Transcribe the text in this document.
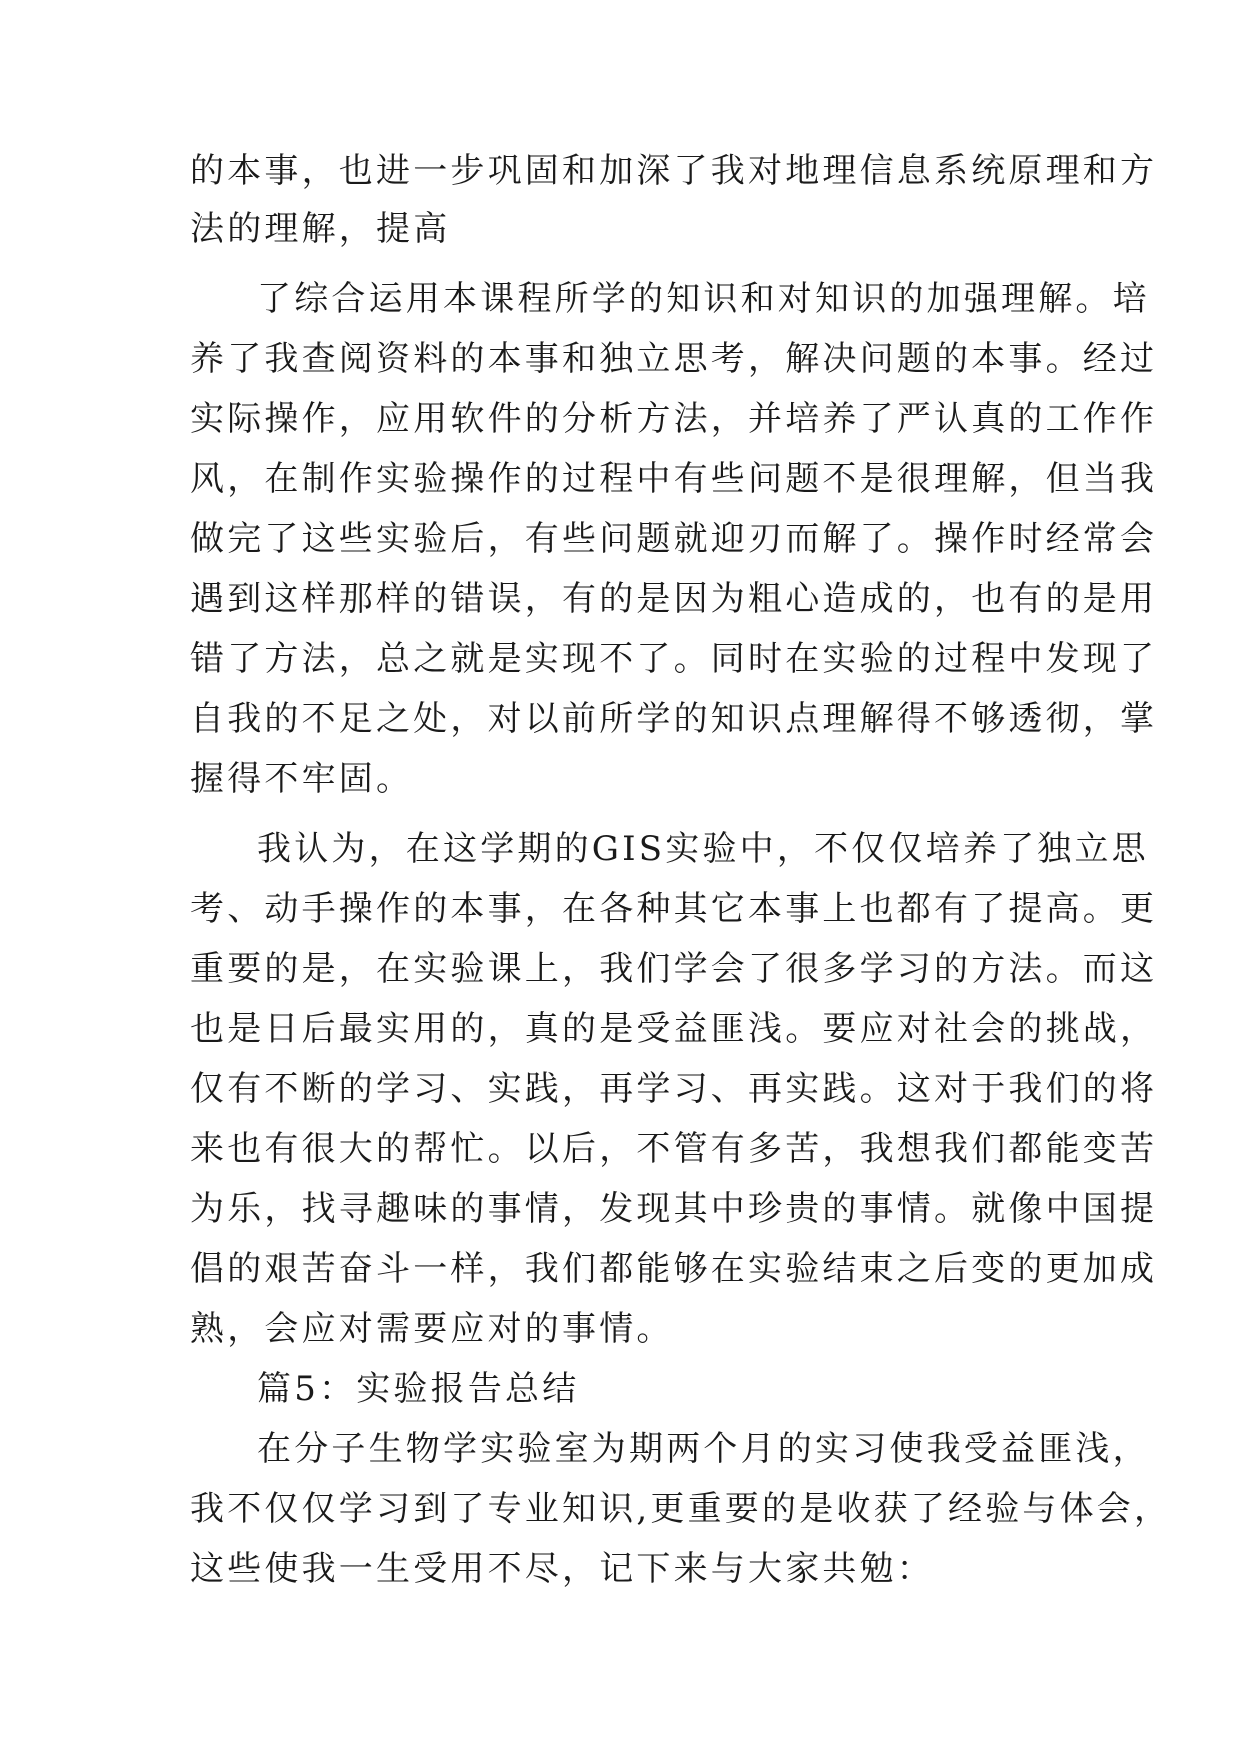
的本事，也进一步巩固和加深了我对地理信息系统原理和方
法的理解，提高
了综合运用本课程所学的知识和对知识的加强理解。培
养了我查阅资料的本事和独立思考，解决问题的本事。经过
实际操作，应用软件的分析方法，并培养了严认真的工作作
风，在制作实验操作的过程中有些问题不是很理解，但当我
做完了这些实验后，有些问题就迎刃而解了。操作时经常会
遇到这样那样的错误，有的是因为粗心造成的，也有的是用
错了方法，总之就是实现不了。同时在实验的过程中发现了
自我的不足之处，对以前所学的知识点理解得不够透彻，掌
握得不牢固。
我认为，在这学期的GIS实验中，不仅仅培养了独立思
考、动手操作的本事，在各种其它本事上也都有了提高。更
重要的是，在实验课上，我们学会了很多学习的方法。而这
也是日后最实用的，真的是受益匪浅。要应对社会的挑战，
仅有不断的学习、实践，再学习、再实践。这对于我们的将
来也有很大的帮忙。以后，不管有多苦，我想我们都能变苦
为乐，找寻趣味的事情，发现其中珍贵的事情。就像中国提
倡的艰苦奋斗一样，我们都能够在实验结束之后变的更加成
熟，会应对需要应对的事情。
篇5：实验报告总结
在分子生物学实验室为期两个月的实习使我受益匪浅，
我不仅仅学习到了专业知识,更重要的是收获了经验与体会，
这些使我一生受用不尽，记下来与大家共勉：
